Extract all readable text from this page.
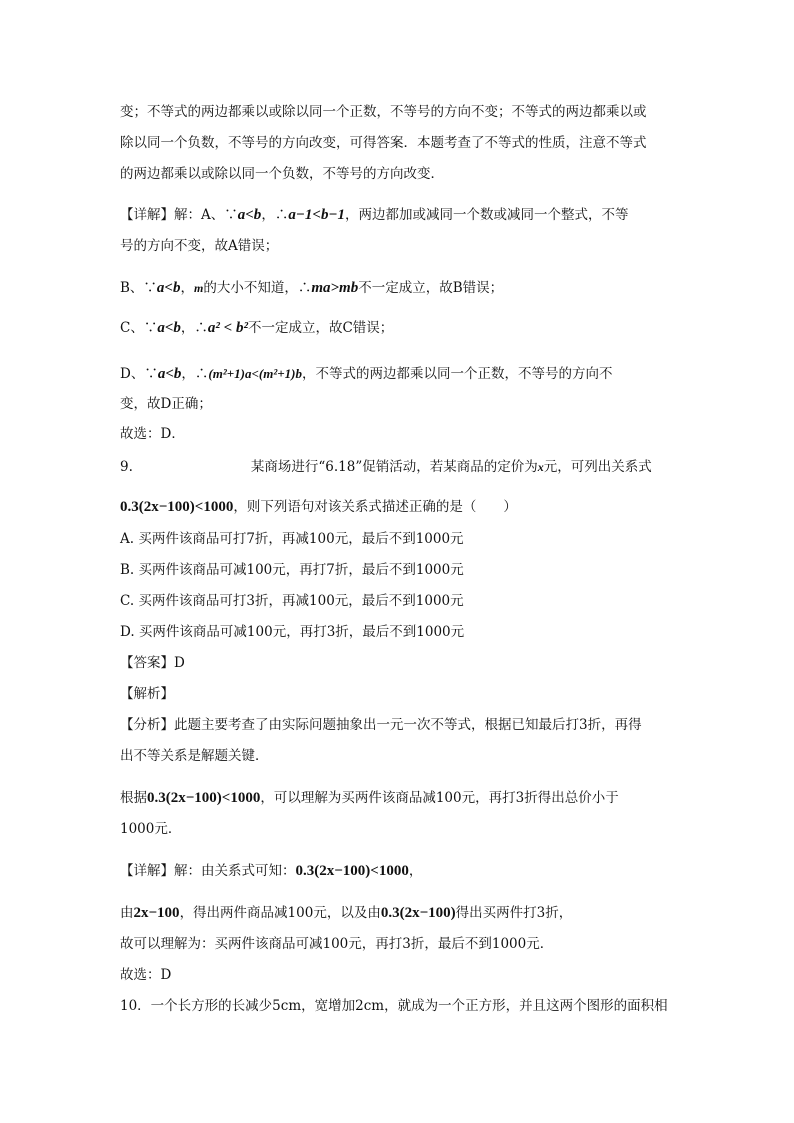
变；不等式的两边都乘以或除以同一个正数，不等号的方向不变；不等式的两边都乘以或
除以同一个负数，不等号的方向改变，可得答案．本题考查了不等式的性质，注意不等式
的两边都乘以或除以同一个负数，不等号的方向改变．
【详解】解：A、∵a<b，∴a−1<b−1，两边都加或减同一个数或减同一个整式，不等
号的方向不变，故A错误；
B、∵a<b，m的大小不知道，∴ma>mb不一定成立，故B错误；
C、∵a<b，∴a² < b²不一定成立，故C错误；
D、∵a<b，∴(m²+1)a<(m²+1)b，不等式的两边都乘以同一个正数，不等号的方向不
变，故D正确；
故选：D．
9.	某商场进行“6.18”促销活动，若某商品的定价为x元，可列出关系式
0.3(2x−100)<1000，则下列语句对该关系式描述正确的是（　　）
A. 买两件该商品可打7折，再减100元，最后不到1000元
B. 买两件该商品可减100元，再打7折，最后不到1000元
C. 买两件该商品可打3折，再减100元，最后不到1000元
D. 买两件该商品可减100元，再打3折，最后不到1000元
【答案】D
【解析】
【分析】此题主要考查了由实际问题抽象出一元一次不等式，根据已知最后打3折，再得
出不等关系是解题关键．
根据0.3(2x−100)<1000，可以理解为买两件该商品减100元，再打3折得出总价小于
1000元．
【详解】解：由关系式可知：0.3(2x−100)<1000，
由2x−100，得出两件商品减100元，以及由0.3(2x−100)得出买两件打3折，
故可以理解为：买两件该商品可减100元，再打3折，最后不到1000元．
故选：D
10．一个长方形的长减少5cm，宽增加2cm，就成为一个正方形，并且这两个图形的面积相
